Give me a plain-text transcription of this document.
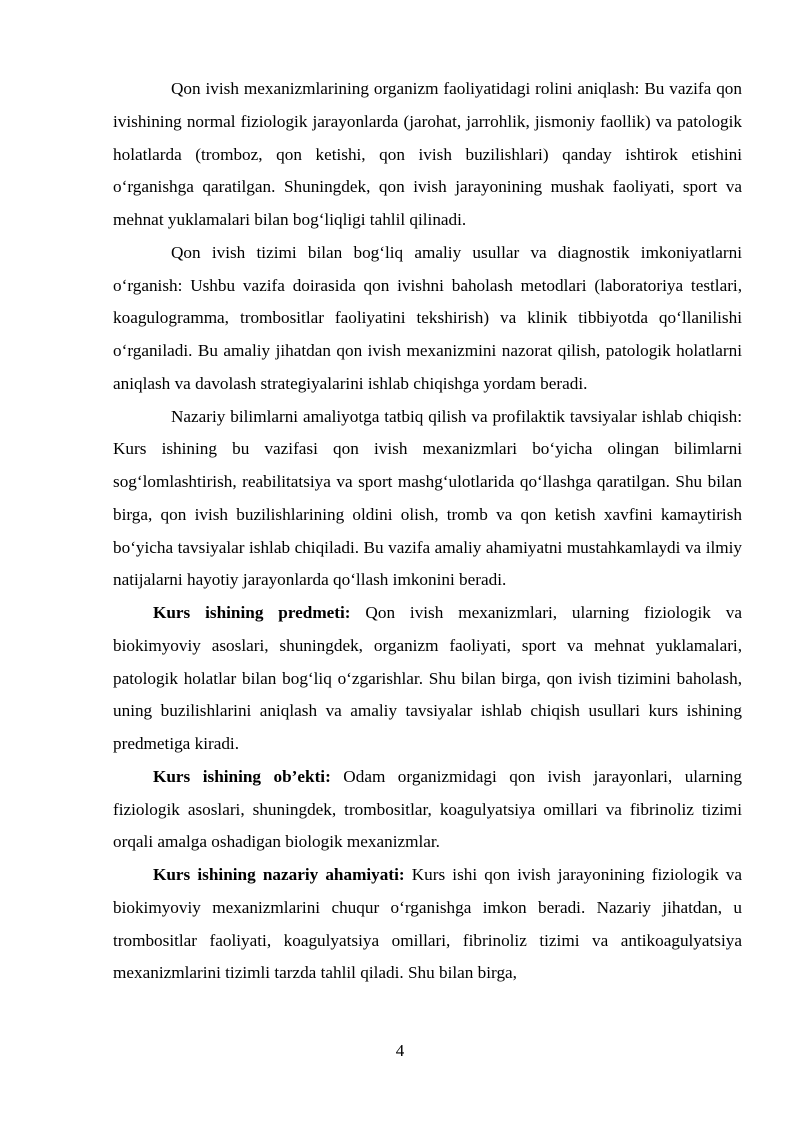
Qon ivish mexanizmlarining organizm faoliyatidagi rolini aniqlash: Bu vazifa qon ivishining normal fiziologik jarayonlarda (jarohat, jarrohlik, jismoniy faollik) va patologik holatlarda (tromboz, qon ketishi, qon ivish buzilishlari) qanday ishtirok etishini o‘rganishga qaratilgan. Shuningdek, qon ivish jarayonining mushak faoliyati, sport va mehnat yuklamalari bilan bog‘liqligi tahlil qilinadi.

Qon ivish tizimi bilan bog‘liq amaliy usullar va diagnostik imkoniyatlarni o‘rganish: Ushbu vazifa doirasida qon ivishni baholash metodlari (laboratoriya testlari, koagulogramma, trombositlar faoliyatini tekshirish) va klinik tibbiyotda qo‘llanilishi o‘rganiladi. Bu amaliy jihatdan qon ivish mexanizmini nazorat qilish, patologik holatlarni aniqlash va davolash strategiyalarini ishlab chiqishga yordam beradi.

Nazariy bilimlarni amaliyotga tatbiq qilish va profilaktik tavsiyalar ishlab chiqish: Kurs ishining bu vazifasi qon ivish mexanizmlari bo‘yicha olingan bilimlarni sog‘lomlashtirish, reabilitatsiya va sport mashg‘ulotlarida qo‘llashga qaratilgan. Shu bilan birga, qon ivish buzilishlarining oldini olish, tromb va qon ketish xavfini kamaytirish bo‘yicha tavsiyalar ishlab chiqiladi. Bu vazifa amaliy ahamiyatni mustahkamlaydi va ilmiy natijalarni hayotiy jarayonlarda qo‘llash imkonini beradi.

Kurs ishining predmeti: Qon ivish mexanizmlari, ularning fiziologik va biokimyoviy asoslari, shuningdek, organizm faoliyati, sport va mehnat yuklamalari, patologik holatlar bilan bog‘liq o‘zgarishlar. Shu bilan birga, qon ivish tizimini baholash, uning buzilishlarini aniqlash va amaliy tavsiyalar ishlab chiqish usullari kurs ishining predmetiga kiradi.

Kurs ishining ob’ekti: Odam organizmidagi qon ivish jarayonlari, ularning fiziologik asoslari, shuningdek, trombositlar, koagulyatsiya omillari va fibrinoliz tizimi orqali amalga oshadigan biologik mexanizmlar.

Kurs ishining nazariy ahamiyati: Kurs ishi qon ivish jarayonining fiziologik va biokimyoviy mexanizmlarini chuqur o‘rganishga imkon beradi. Nazariy jihatdan, u trombositlar faoliyati, koagulyatsiya omillari, fibrinoliz tizimi va antikoagulyatsiya mexanizmlarini tizimli tarzda tahlil qiladi. Shu bilan birga,

4
